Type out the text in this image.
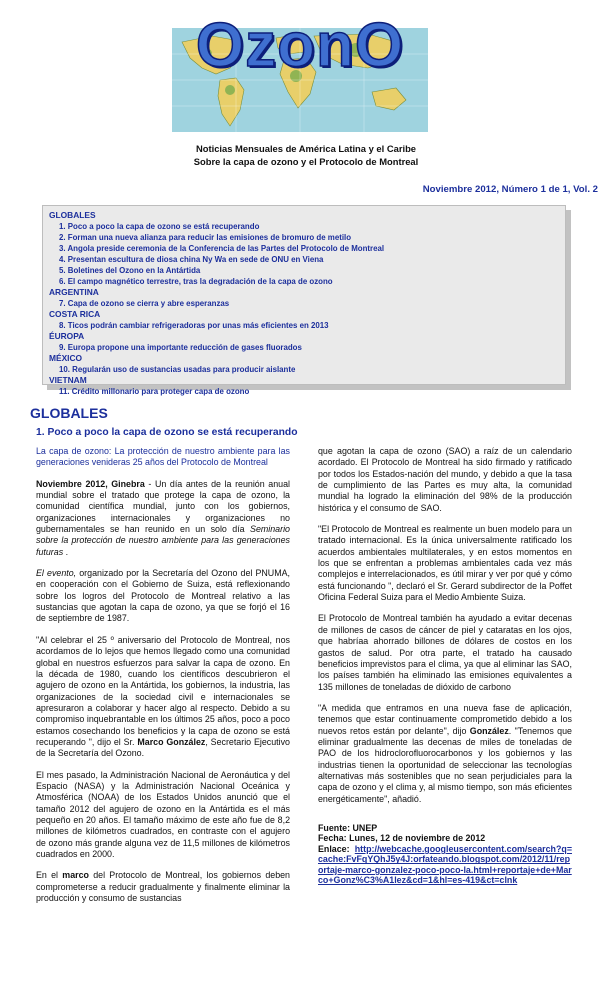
OzonO
Noticias Mensuales de América Latina y el Caribe
Sobre la capa de ozono y el Protocolo de Montreal
Noviembre 2012, Número 1 de 1, Vol. 2
GLOBALES
1. Poco a poco la capa de ozono se está recuperando
2. Forman una nueva alianza para reducir las emisiones de bromuro de metilo
3. Angola preside ceremonia de la Conferencia de las Partes del Protocolo de Montreal
4. Presentan escultura de diosa china Ny Wa en sede de ONU en Viena
5. Boletines del Ozono en la Antártida
6. El campo magnético terrestre, tras la degradación de la capa de ozono
ARGENTINA
7. Capa de ozono se cierra y abre esperanzas
COSTA RICA
8. Ticos podrán cambiar refrigeradoras por unas más eficientes en 2013
ÉUROPA
9. Europa propone una importante reducción de gases fluorados
MÉXICO
10. Regularán uso de sustancias usadas para producir aislante
VIETNAM
11. Crédito millonario para proteger capa de ozono
GLOBALES
1. Poco a poco la capa de ozono se está recuperando

La capa de ozono: La protección de nuestro ambiente para las generaciones venideras 25 años del Protocolo de Montreal

Noviembre 2012, Ginebra - Un día antes de la reunión anual mundial sobre el tratado que protege la capa de ozono, la comunidad científica mundial, junto con los gobiernos, organizaciones internacionales y organizaciones no gubernamentales se han reunido en un solo día Seminario sobre la protección de nuestro ambiente para las generaciones futuras .

El evento, organizado por la Secretaría del Ozono del PNUMA, en cooperación con el Gobierno de Suiza, está reflexionando sobre los logros del Protocolo de Montreal relativo a las sustancias que agotan la capa de ozono, ya que se forjó el 16 de septiembre de 1987.

"Al celebrar el 25 º aniversario del Protocolo de Montreal, nos acordamos de lo lejos que hemos llegado como una comunidad global en nuestros esfuerzos para salvar la capa de ozono. En la década de 1980, cuando los científicos descubrieron el agujero de ozono en la Antártida, los gobiernos, la industria, las organizaciones de la sociedad civil e internacionales se apresuraron a colaborar y hacer algo al respecto. Debido a su compromiso inquebrantable en los últimos 25 años, poco a poco estamos cosechando los beneficios y la capa de ozono se está recuperando ", dijo el Sr. Marco González, Secretario Ejecutivo de la Secretaría del Ozono.

El mes pasado, la Administración Nacional de Aeronáutica y del Espacio (NASA) y la Administración Nacional Oceánica y Atmosférica (NOAA) de los Estados Unidos anunció que el tamaño 2012 del agujero de ozono en la Antártida es el más pequeño en 20 años. El tamaño máximo de este año fue de 8,2 millones de kilómetros cuadrados, en contraste con el agujero de ozono más grande alguna vez de 11,5 millones de kilómetros cuadrados en 2000.

En el marco del Protocolo de Montreal, los gobiernos deben comprometerse a reducir gradualmente y finalmente eliminar la producción y consumo de sustancias

que agotan la capa de ozono (SAO) a raíz de un calendario acordado. El Protocolo de Montreal ha sido firmado y ratificado por todos los Estados-nación del mundo, y debido a que la tasa de cumplimiento de las Partes es muy alta, la comunidad mundial ha logrado la eliminación del 98% de la producción histórica y el consumo de SAO.

"El Protocolo de Montreal es realmente un buen modelo para un tratado internacional. Es la única universalmente ratificado los acuerdos ambientales multilaterales, y en estos momentos en los que se enfrentan a problemas ambientales cada vez más complejos e interrelacionados, es útil mirar y ver por qué y cómo está funcionando ", declaró el Sr. Gerard subdirector de la Poffet Oficina Federal Suiza para el Medio Ambiente Suiza.

El Protocolo de Montreal también ha ayudado a evitar decenas de millones de casos de cáncer de piel y cataratas en los ojos, que habríaa ahorrado billones de dólares de costos en los gastos de salud. Por otra parte, el tratado ha causado beneficios imprevistos para el clima, ya que al eliminar las SAO, los países también ha eliminado las emisiones equivalentes a 135 millones de toneladas de dióxido de carbono

"A medida que entramos en una nueva fase de aplicación, tenemos que estar continuamente comprometido debido a los nuevos retos están por delante", dijo González. "Tenemos que eliminar gradualmente las decenas de miles de toneladas de PAO de los hidroclorofluorocarbonos y los gobiernos y las industrias tienen la oportunidad de seleccionar las tecnologías alternativas más sostenibles que no sean perjudiciales para la capa de ozono y el clima y, al mismo tiempo, son más eficientes energéticamente", añadió.

Fuente: UNEP
Fecha: Lunes, 12 de noviembre de 2012
Enlace: http://webcache.googleusercontent.com/search?q=cache:FvFqYQhJ5y4J:orfateando.blogspot.com/2012/11/reportaje-marco-gonzalez-poco-poco-la.html+reportaje+de+Marco+Gonz%C3%A1lez&cd=1&hl=es-419&ct=clnk
